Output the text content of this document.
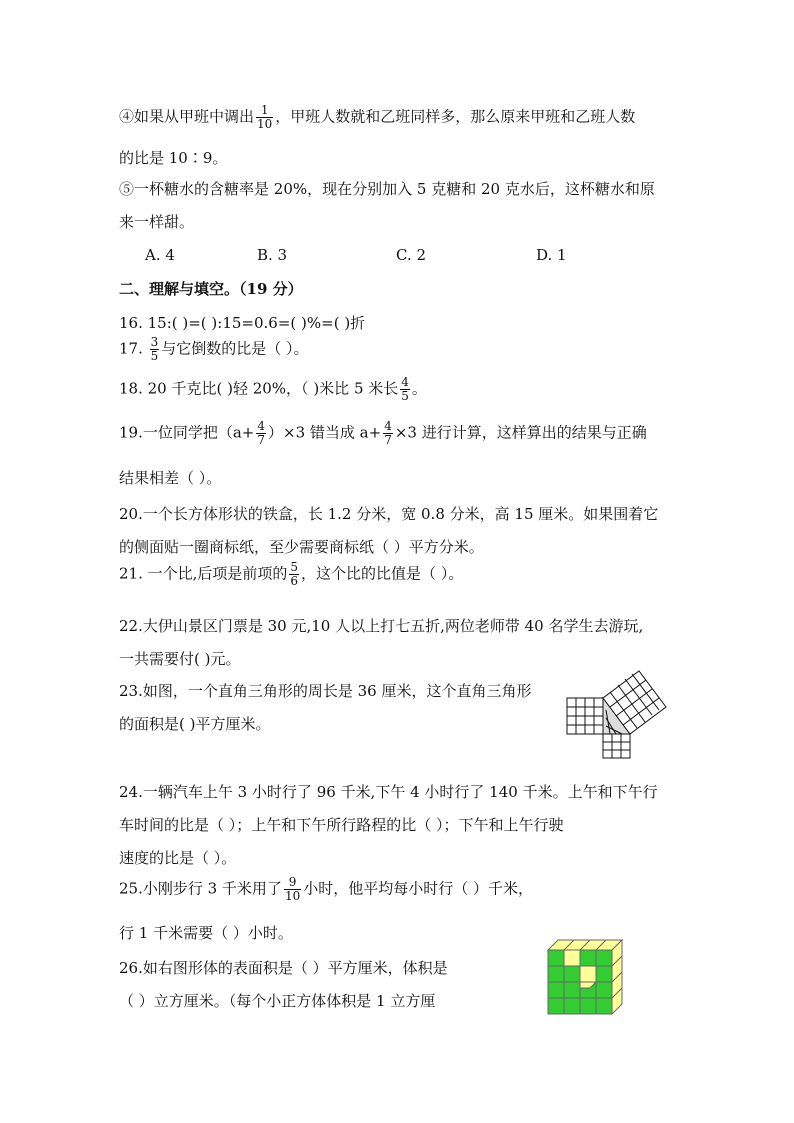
④如果从甲班中调出 $\frac{1}{10}$ ，甲班人数就和乙班同样多，那么原来甲班和乙班人数
的比是 10∶9。
⑤一杯糖水的含糖率是 20%，现在分别加入 5 克糖和 20 克水后，这杯糖水和原
来一样甜。
A. 4	B. 3	C. 2	D. 1
二、理解与填空。（19 分）
16. 15:( )=( ):15=0.6=( )%=( )折
17. $\frac{3}{5}$ 与它倒数的比是（ ）。
18. 20 千克比( )轻 20%，（ )米比 5 米长 $\frac{4}{5}$ 。
19.一位同学把$(a+ \frac{4}{7} )\times 3$ 错当成 $a+ \frac{4}{7} \times 3$ 进行计算，这样算出的结果与正确
结果相差（ ）。
20.一个长方体形状的铁盒，长 1.2 分米，宽 0.8 分米，高 15 厘米。如果围着它
的侧面贴一圈商标纸，至少需要商标纸（ ）平方分米。
21. 一个比,后项是前项的 $\frac{5}{6}$ ，这个比的比值是（ ）。
22.大伊山景区门票是 30 元,10 人以上打七五折,两位老师带 40 名学生去游玩,
一共需要付( )元。
23.如图，一个直角三角形的周长是 36 厘米，这个直角三角形
的面积是( )平方厘米。
24.一辆汽车上午 3 小时行了 96 千米,下午 4 小时行了 140 千米。上午和下午行
车时间的比是（ ）；上午和下午所行路程的比（ ）；下午和上午行驶
速度的比是（ ）。
25.小刚步行 3 千米用了 $\frac{9}{10}$ 小时，他平均每小时行（ ）千米，
行 1 千米需要（ ）小时。
26.如右图形体的表面积是（ ）平方厘米，体积是
（ ）立方厘米。（每个小正方体体积是 1 立方厘
